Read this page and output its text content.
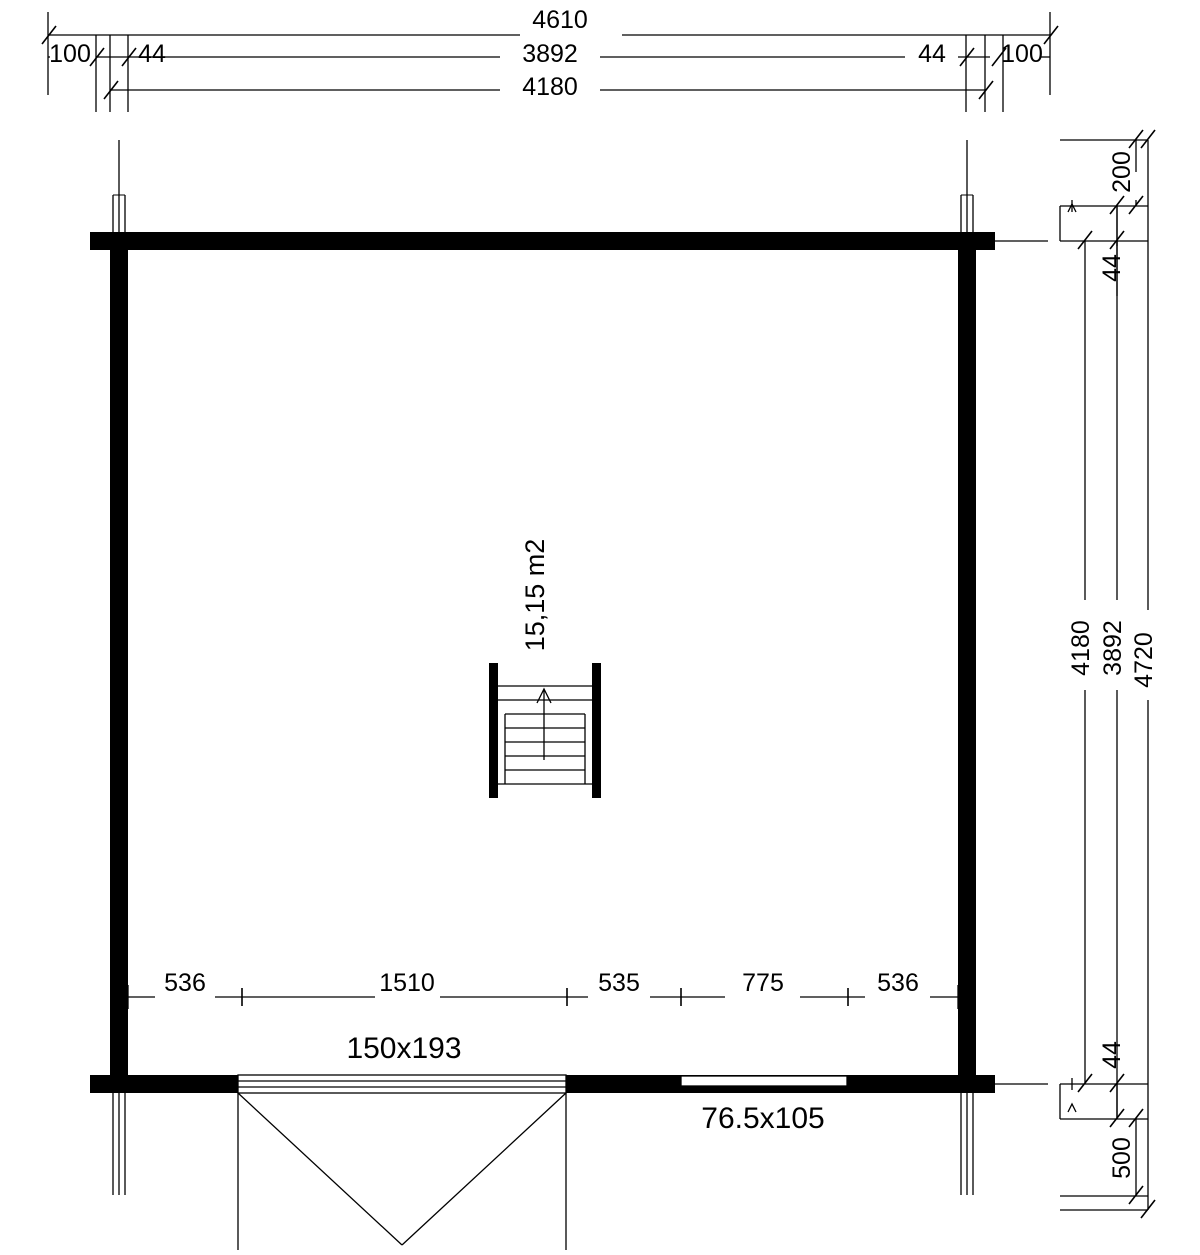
4610
3892
4180
100 44	44 100
15,15 m2
536	1510	535	775	536
150x193
76.5x105
200
44
4180 3892 4720
44
500
